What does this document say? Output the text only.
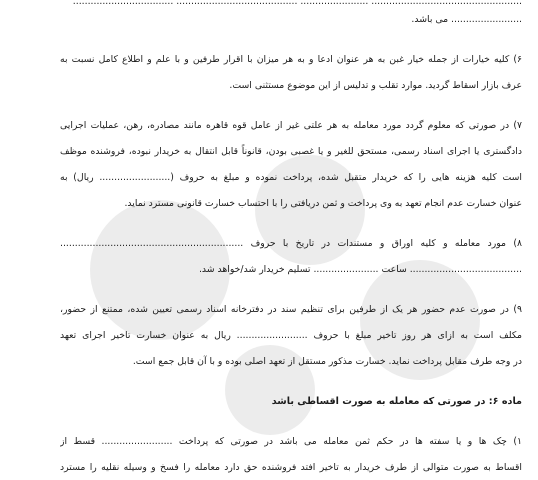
................................................... ....................... ......................................... ..................................
........................ می باشد.
۶) کلیه خیارات از جمله خیار غبن به هر عنوان ادعا و به هر میزان با اقرار طرفین و با علم و اطلاع کامل نسبت به
عرف بازار اسقاط گردید. موارد تقلب و تدلیس از این موضوع مستثنی است.
۷) در صورتی که معلوم گردد مورد معامله به هر علتی غیر از عامل قوه قاهره مانند مصادره، رهن، عملیات اجرایی
دادگستری یا اجرای اسناد رسمی، مستحق للغیر و یا غصبی بودن، قانوناً قابل انتقال به خریدار نبوده، فروشنده موظف
است کلیه هزینه هایی را که خریدار متقبل شده، پرداخت نموده و مبلغ به حروف (........................ ریال) به
عنوان خسارت عدم انجام تعهد به وی پرداخت و ثمن دریافتی را با احتساب خسارت قانونی مسترد نماید.
۸) مورد معامله و کلیه اوراق و مستندات در تاریخ با حروف ..............................................................
...................................... ساعت ...................... تسلیم خریدار شد/خواهد شد.
۹) در صورت عدم حضور هر یک از طرفین برای تنظیم سند در دفترخانه اسناد رسمی تعیین شده، ممتنع از حضور،
مکلف است به ازای هر روز تاخیر مبلغ با حروف ........................ ریال به عنوان خسارت تاخیر اجرای تعهد
در وجه طرف مقابل پرداخت نماید. خسارت مذکور مستقل از تعهد اصلی بوده و با آن قابل جمع است.
ماده ۶: در صورتی که معامله به صورت اقساطی باشد
۱) چک ها و یا سفته ها در حکم ثمن معامله می باشد در صورتی که پرداخت ........................ قسط از
اقساط به صورت متوالی از طرف خریدار به تاخیر افتد فروشنده حق دارد معامله را فسخ و وسیله نقلیه را مسترد
